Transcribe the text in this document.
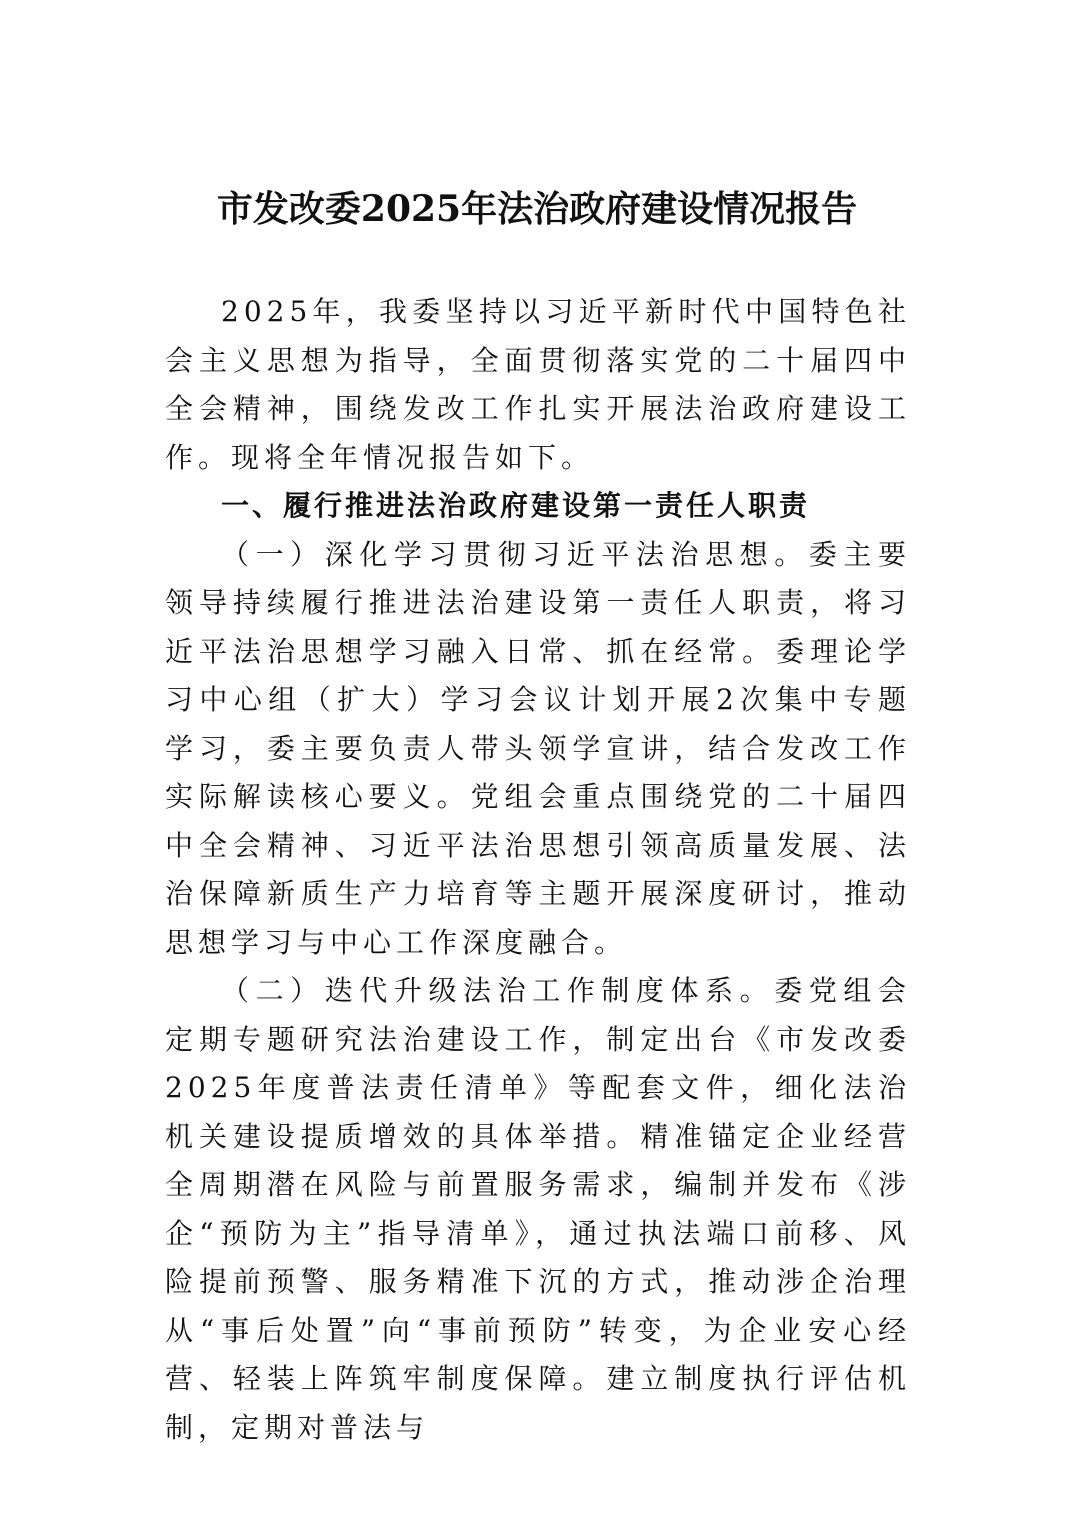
市发改委2025年法治政府建设情况报告

2025年，我委坚持以习近平新时代中国特色社会主义思想为指导，全面贯彻落实党的二十届四中全会精神，围绕发改工作扎实开展法治政府建设工作。现将全年情况报告如下。

一、履行推进法治政府建设第一责任人职责

（一）深化学习贯彻习近平法治思想。委主要领导持续履行推进法治建设第一责任人职责，将习近平法治思想学习融入日常、抓在经常。委理论学习中心组（扩大）学习会议计划开展2次集中专题学习，委主要负责人带头领学宣讲，结合发改工作实际解读核心要义。党组会重点围绕党的二十届四中全会精神、习近平法治思想引领高质量发展、法治保障新质生产力培育等主题开展深度研讨，推动思想学习与中心工作深度融合。

（二）迭代升级法治工作制度体系。委党组会定期专题研究法治建设工作，制定出台《市发改委2025年度普法责任清单》等配套文件，细化法治机关建设提质增效的具体举措。精准锚定企业经营全周期潜在风险与前置服务需求，编制并发布《涉企“预防为主”指导清单》，通过执法端口前移、风险提前预警、服务精准下沉的方式，推动涉企治理从“事后处置”向“事前预防”转变，为企业安心经营、轻装上阵筑牢制度保障。建立制度执行评估机制，定期对普法与
